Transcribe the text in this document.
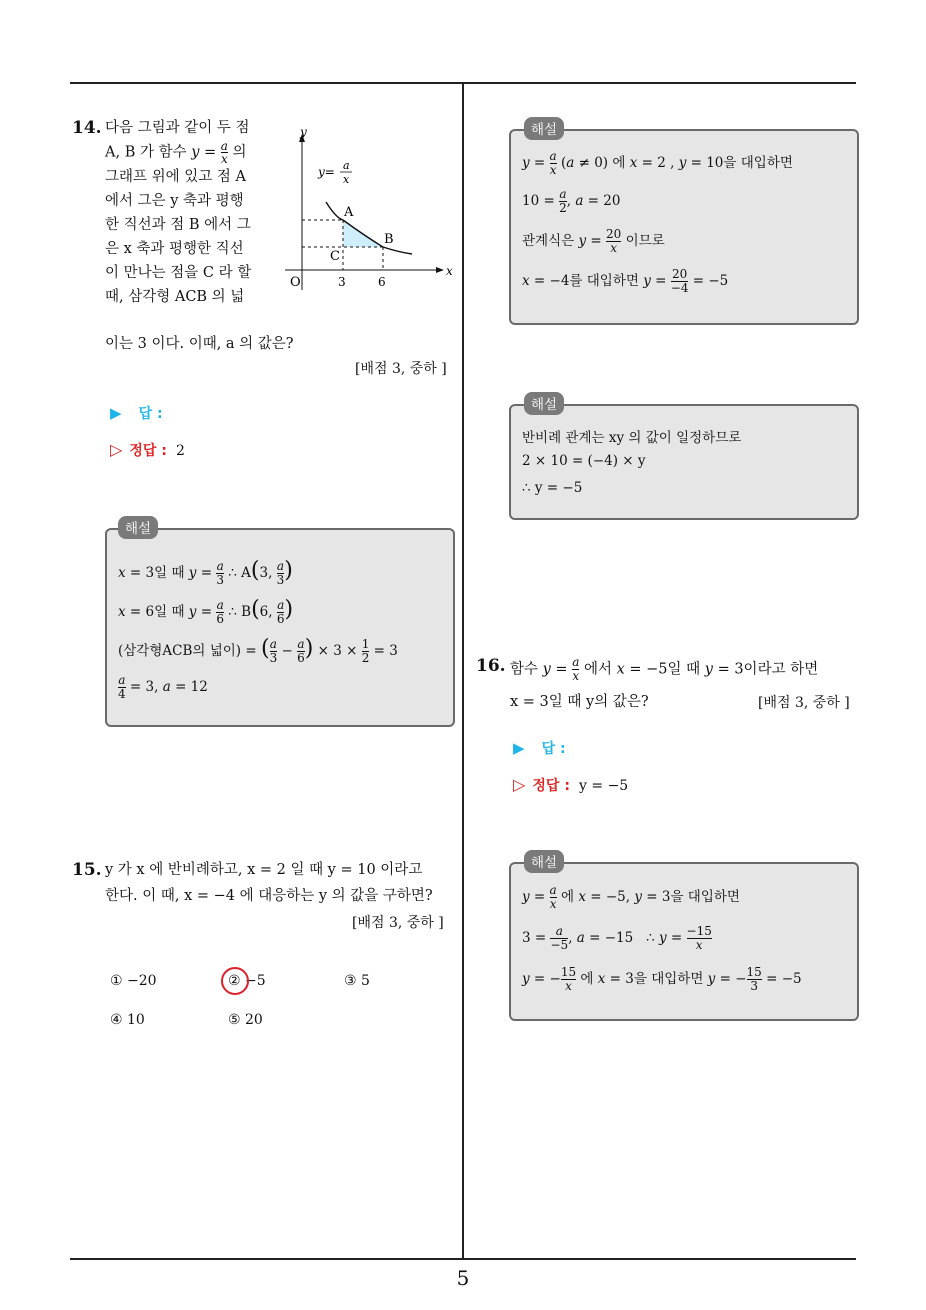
5
14. 다음 그림과 같이 두 점
A, B 가 함수 $y = \frac{a}{x}$ 의
그래프 위에 있고 점 A
에서 그은 y 축과 평행
한 직선과 점 B 에서 그
은 x 축과 평행한 직선
이 만나는 점을 C 라 할
때, 삼각형 ACB 의 넓
이는 3 이다. 이때, a 의 값은?
[배점 3, 중하 ]
y
x
O	3	6
A
B
C
y= a
x
▶ 답 :
▷ 정답 : 2
해설
x = 3일 때 $y = \frac{a}{3}$ ∴ A(3, $\frac{a}{3}$ )
x = 6일 때 $y = \frac{a}{6}$ ∴ B(6, $\frac{a}{6}$ )
(삼각형ACB의 넓이) = ( $\frac{a}{3} - \frac{a}{6}$ ) × $3 \times \frac{1}{2} = 3$
$\frac{a}{4} = 3$, a = 12
15. y 가 x 에 반비례하고, x = 2 일 때 y = 10 이라고
한다. 이 때, x = −4 에 대응하는 y 의 값을 구하면?
[배점 3, 중하 ]
① −20	② −5	③ 5
④ 10	⑤ 20
해설
$y = \frac{a}{x} (a \ne 0)$ 에 x = 2 , y = 10을 대입하면
$10 = \frac{a}{2}$ , a = 20
관계식은 $y = \frac{20}{x}$ 이므로
x = −4를 대입하면 $y = \frac{20}{-4} = -5$
해설
반비례 관계는 xy 의 값이 일정하므로
2 × 10 = (−4) × y
∴ y = −5
16. 함수 $y = \frac{a}{x}$ 에서 x = −5일 때 y = 3이라고 하면
x = 3일 때 y의 값은?	[배점 3, 중하 ]
▶ 답 :
▷ 정답 : y = −5
해설
$y = \frac{a}{x}$ 에 x = −5, y = 3을 대입하면
$3 = \frac{a}{-5}$ , a = −15   ∴ $y = \frac{-15}{x}$
y = − $\frac{15}{x}$ 에 x = 3을 대입하면 y = − $\frac{15}{3} = -5$
